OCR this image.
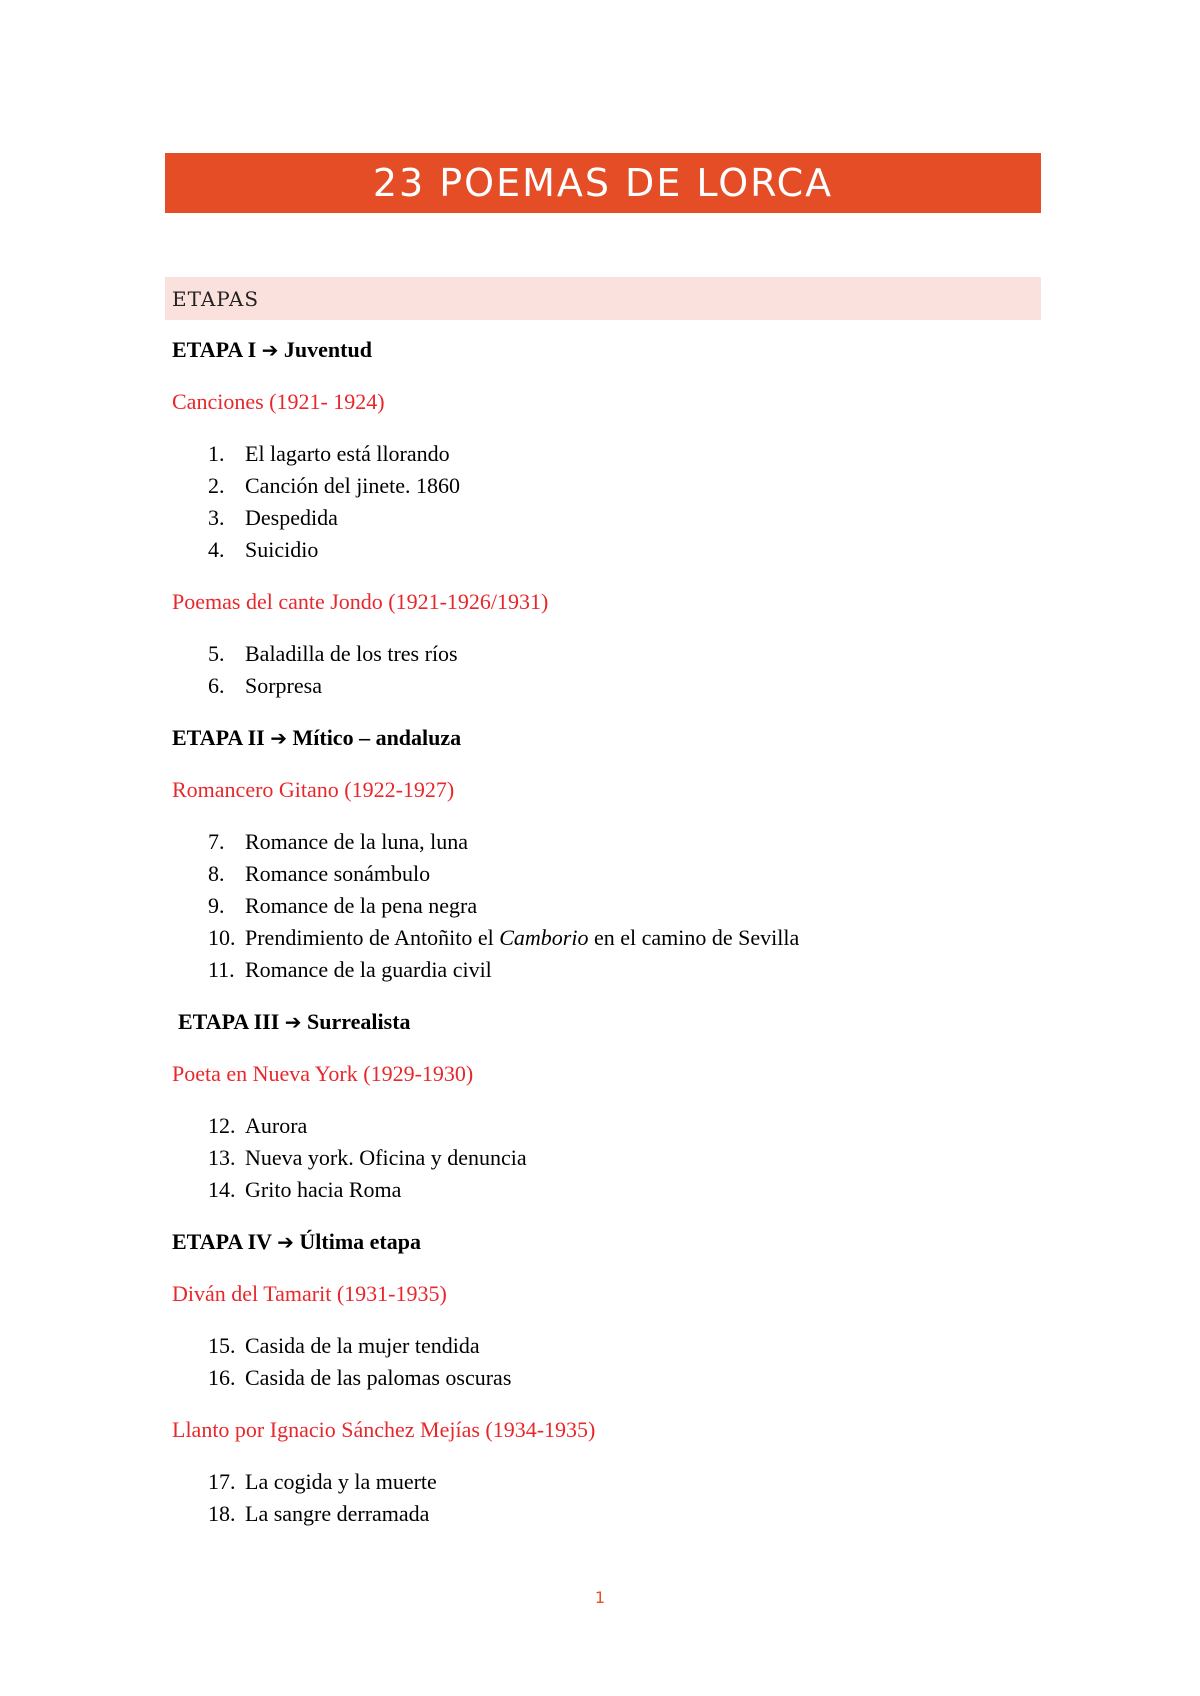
23 POEMAS DE LORCA
ETAPAS
ETAPA I ➔ Juventud
Canciones (1921- 1924)
1. El lagarto está llorando
2. Canción del jinete. 1860
3. Despedida
4. Suicidio
Poemas del cante Jondo (1921-1926/1931)
5. Baladilla de los tres ríos
6. Sorpresa
ETAPA II ➔ Mítico – andaluza
Romancero Gitano (1922-1927)
7. Romance de la luna, luna
8. Romance sonámbulo
9. Romance de la pena negra
10. Prendimiento de Antoñito el Camborio en el camino de Sevilla
11. Romance de la guardia civil
ETAPA III ➔ Surrealista
Poeta en Nueva York (1929-1930)
12. Aurora
13. Nueva york. Oficina y denuncia
14. Grito hacia Roma
ETAPA IV ➔ Última etapa
Diván del Tamarit (1931-1935)
15. Casida de la mujer tendida
16. Casida de las palomas oscuras
Llanto por Ignacio Sánchez Mejías (1934-1935)
17. La cogida y la muerte
18. La sangre derramada
1
